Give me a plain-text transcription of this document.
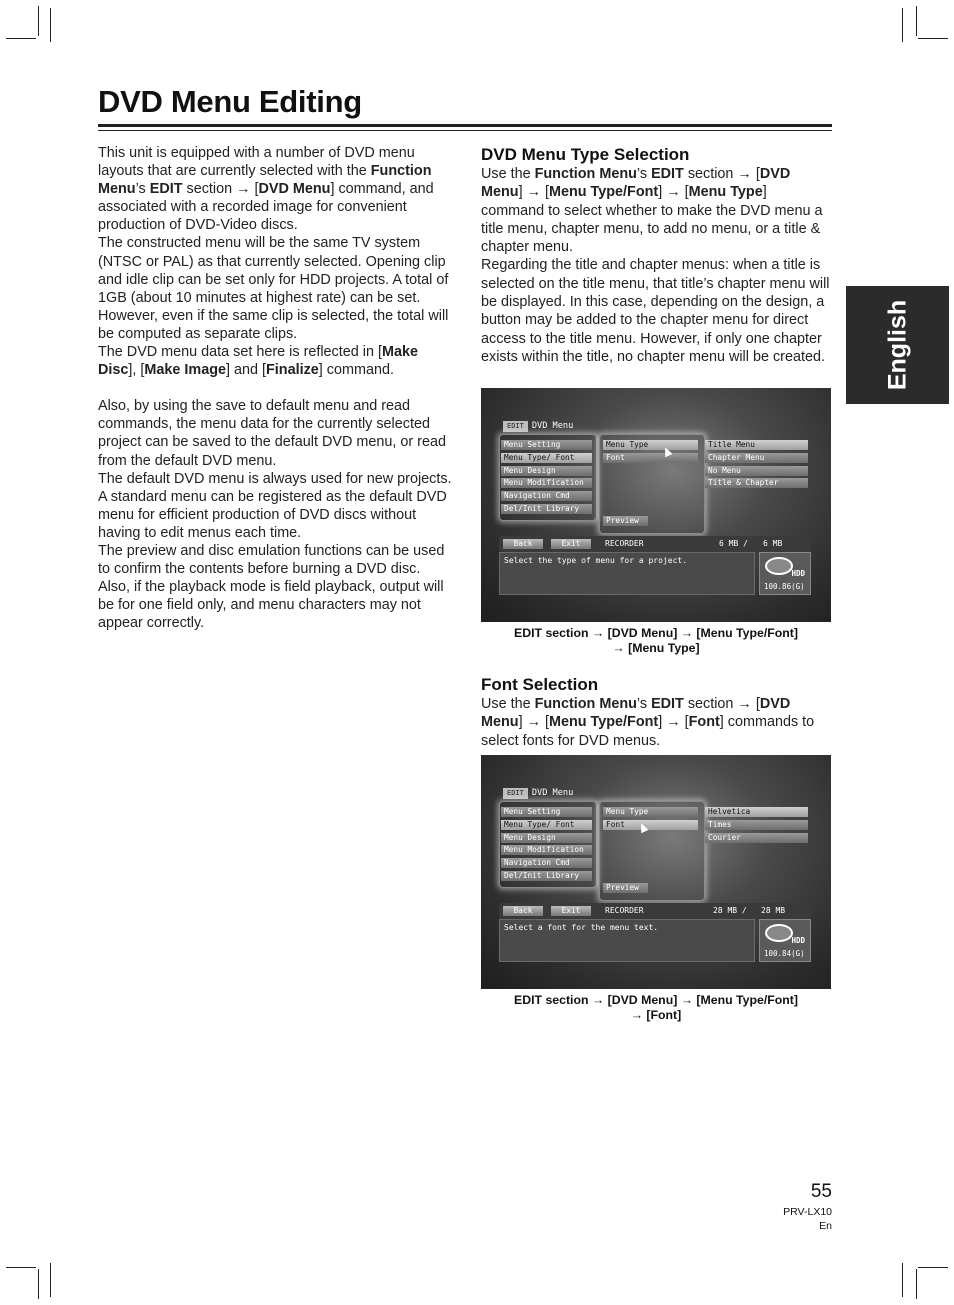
DVD Menu Editing
English

This unit is equipped with a number of DVD menu layouts that are currently selected with the Function Menu’s EDIT section → [DVD Menu] command, and associated with a recorded image for convenient production of DVD-Video discs.

The constructed menu will be the same TV system (NTSC or PAL) as that currently selected. Opening clip and idle clip can be set only for HDD projects. A total of 1GB (about 10 minutes at highest rate) can be set. However, even if the same clip is selected, the total will be computed as separate clips.

The DVD menu data set here is reflected in [Make Disc], [Make Image] and [Finalize] command.

Also, by using the save to default menu and read commands, the menu data for the currently selected project can be saved to the default DVD menu, or read from the default DVD menu.

The default DVD menu is always used for new projects. A standard menu can be registered as the default DVD menu for efficient production of DVD discs without having to edit menus each time.

The preview and disc emulation functions can be used to confirm the contents before burning a DVD disc. Also, if the playback mode is field playback, output will be for one field only, and menu characters may not appear correctly.

DVD Menu Type Selection

Use the Function Menu’s EDIT section → [DVD Menu] → [Menu Type/Font] → [Menu Type] command to select whether to make the DVD menu a title menu, chapter menu, to add no menu, or a title & chapter menu.

Regarding the title and chapter menus: when a title is selected on the title menu, that title’s chapter menu will be displayed. In this case, depending on the design, a button may be added to the chapter menu for direct access to the title menu. However, if only one chapter exists within the title, no chapter menu will be created.

EDIT DVD Menu
Menu Setting
Menu Type/ Font
Menu Design
Menu Modification
Navigation Cmd
Del/Init Library
Menu Type
Font
Preview
Title Menu
Chapter Menu
No Menu
Title & Chapter
Back	Exit	RECORDER	6 MB / 6 MB
Select the type of menu for a project.
HDD
100.86(G)
EDIT section → [DVD Menu] → [Menu Type/Font]
→ [Menu Type]
Font Selection

Use the Function Menu’s EDIT section → [DVD Menu] → [Menu Type/Font] → [Font] commands to select fonts for DVD menus.

EDIT DVD Menu
Menu Setting
Menu Type/ Font
Menu Design
Menu Modification
Navigation Cmd
Del/Init Library
Menu Type
Font
Preview
Helvetica
Times
Courier
Back	Exit	RECORDER	28 MB / 28 MB
Select a font for the menu text.
HDD
100.84(G)
EDIT section → [DVD Menu] → [Menu Type/Font]
→ [Font]
55
PRV-LX10
En
